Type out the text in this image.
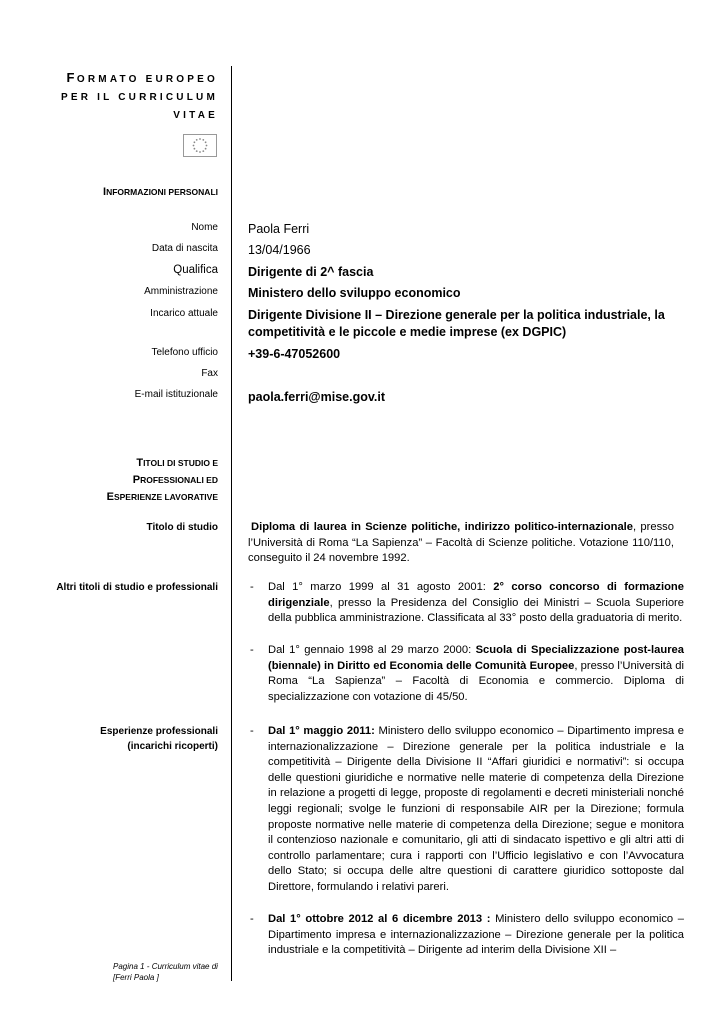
FORMATO EUROPEO
PER IL CURRICULUM
VITAE
INFORMAZIONI PERSONALI
Nome
Data di nascita
Qualifica
Amministrazione
Incarico attuale
Telefono ufficio
Fax
E-mail istituzionale
Paola Ferri
13/04/1966
Dirigente di 2^ fascia
Ministero dello sviluppo economico
Dirigente Divisione II – Direzione generale per la politica industriale, la
competitività e le piccole e medie imprese (ex DGPIC)
+39-6-47052600
paola.ferri@mise.gov.it
TITOLI DI STUDIO E
PROFESSIONALI ED
ESPERIENZE LAVORATIVE
Titolo di studio	Diploma di laurea in Scienze politiche, indirizzo politico-internazionale, presso l’Università di Roma “La Sapienza” – Facoltà di Scienze politiche. Votazione 110/110, conseguito il 24 novembre 1992.
Altri titoli di studio e professionali	- Dal 1° marzo 1999 al 31 agosto 2001: 2° corso concorso di formazione dirigenziale, presso la Presidenza del Consiglio dei Ministri – Scuola Superiore della pubblica amministrazione. Classificata al 33° posto della graduatoria di merito.
- Dal 1° gennaio 1998 al 29 marzo 2000: Scuola di Specializzazione post-laurea (biennale) in Diritto ed Economia delle Comunità Europee, presso l’Università di Roma “La Sapienza” – Facoltà di Economia e commercio. Diploma di specializzazione con votazione di 45/50.
Esperienze professionali
(incarichi ricoperti)
- Dal 1° maggio 2011: Ministero dello sviluppo economico – Dipartimento impresa e internazionalizzazione – Direzione generale per la politica industriale e la competitività – Dirigente della Divisione II “Affari giuridici e normativi”: si occupa delle questioni giuridiche e normative nelle materie di competenza della Direzione in relazione a progetti di legge, proposte di regolamenti e decreti ministeriali nonché leggi regionali; svolge le funzioni di responsabile AIR per la Direzione; formula proposte normative nelle materie di competenza della Direzione; segue e monitora il contenzioso nazionale e comunitario, gli atti di sindacato ispettivo e gli altri atti di controllo parlamentare; cura i rapporti con l’Ufficio legislativo e con l’Avvocatura dello Stato; si occupa delle altre questioni di carattere giuridico sottoposte dal Direttore, formulando i relativi pareri.
- Dal 1° ottobre 2012 al 6 dicembre 2013 : Ministero dello sviluppo economico – Dipartimento impresa e internazionalizzazione – Direzione generale per la politica industriale e la competitività – Dirigente ad interim della Divisione XII –
Pagina 1 - Curriculum vitae di
[Ferri Paola ]
